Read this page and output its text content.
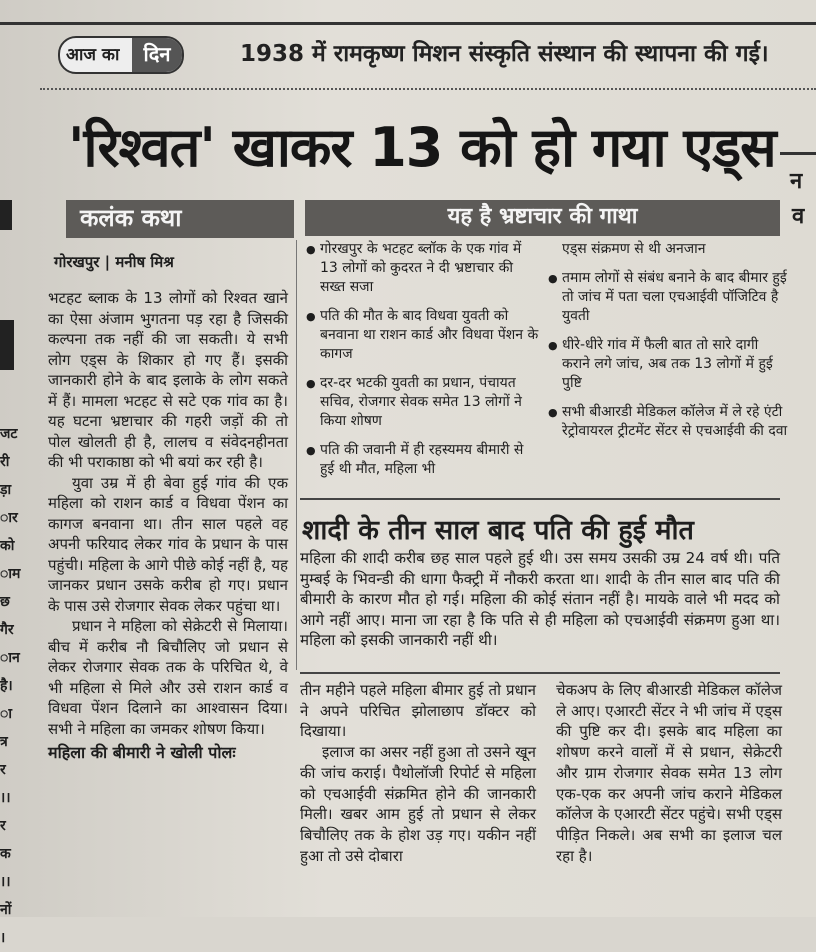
आज का	दिन	1938 में रामकृष्ण मिशन संस्कृति संस्थान की स्थापना की गई।
'रिश्वत' खाकर 13 को हो गया एड्स
न
व
कलंक कथा	यह है भ्रष्टाचार की गाथा
गोरखपुर | मनीष मिश्र

भटहट ब्लाक के 13 लोगों को रिश्वत खाने का ऐसा अंजाम भुगतना पड़ रहा है जिसकी कल्पना तक नहीं की जा सकती। ये सभी लोग एड्स के शिकार हो गए हैं। इसकी जानकारी होने के बाद इलाके के लोग सकते में हैं। मामला भटहट से सटे एक गांव का है। यह घटना भ्रष्टाचार की गहरी जड़ों की तो पोल खोलती ही है, लालच व संवेदनहीनता की भी पराकाष्ठा को भी बयां कर रही है।

युवा उम्र में ही बेवा हुई गांव की एक महिला को राशन कार्ड व विधवा पेंशन का कागज बनवाना था। तीन साल पहले वह अपनी फरियाद लेकर गांव के प्रधान के पास पहुंची। महिला के आगे पीछे कोई नहीं है, यह जानकर प्रधान उसके करीब हो गए। प्रधान के पास उसे रोजगार सेवक लेकर पहुंचा था।

प्रधान ने महिला को सेक्रेटरी से मिलाया। बीच में करीब नौ बिचौलिए जो प्रधान से लेकर रोजगार सेवक तक के परिचित थे, वे भी महिला से मिले और उसे राशन कार्ड व विधवा पेंशन दिलाने का आश्वासन दिया। सभी ने महिला का जमकर शोषण किया।

महिला की बीमारी ने खोली पोलः

जट
री
ड़ा
ार
को
ाम
छ
गैर
ान
है।
ा
त्र
र
।।
र
क
।।
नों
।
● गोरखपुर के भटहट ब्लॉक के एक गांव में 13 लोगों को कुदरत ने दी भ्रष्टाचार की सख्त सजा
● पति की मौत के बाद विधवा युवती को बनवाना था राशन कार्ड और विधवा पेंशन के कागज
● दर-दर भटकी युवती का प्रधान, पंचायत सचिव, रोजगार सेवक समेत 13 लोगों ने किया शोषण
● पति की जवानी में ही रहस्यमय बीमारी से हुई थी मौत, महिला भी
एड्स संक्रमण से थी अनजान
● तमाम लोगों से संबंध बनाने के बाद बीमार हुई तो जांच में पता चला एचआईवी पॉजिटिव है युवती
● धीरे-धीरे गांव में फैली बात तो सारे दागी कराने लगे जांच, अब तक 13 लोगों में हुई पुष्टि
● सभी बीआरडी मेडिकल कॉलेज में ले रहे एंटी रेट्रोवायरल ट्रीटमेंट सेंटर से एचआईवी की दवा
शादी के तीन साल बाद पति की हुई मौत
महिला की शादी करीब छह साल पहले हुई थी। उस समय उसकी उम्र 24 वर्ष थी। पति मुम्बई के भिवन्डी की धागा फैक्ट्री में नौकरी करता था। शादी के तीन साल बाद पति की बीमारी के कारण मौत हो गई। महिला की कोई संतान नहीं है। मायके वाले भी मदद को आगे नहीं आए। माना जा रहा है कि पति से ही महिला को एचआईवी संक्रमण हुआ था। महिला को इसकी जानकारी नहीं थी।

तीन महीने पहले महिला बीमार हुई तो प्रधान ने अपने परिचित झोलाछाप डॉक्टर को दिखाया।

इलाज का असर नहीं हुआ तो उसने खून की जांच कराई। पैथोलॉजी रिपोर्ट से महिला को एचआईवी संक्रमित होने की जानकारी मिली। खबर आम हुई तो प्रधान से लेकर बिचौलिए तक के होश उड़ गए। यकीन नहीं हुआ तो उसे दोबारा

चेकअप के लिए बीआरडी मेडिकल कॉलेज ले आए। एआरटी सेंटर ने भी जांच में एड्स की पुष्टि कर दी। इसके बाद महिला का शोषण करने वालों में से प्रधान, सेक्रेटरी और ग्राम रोजगार सेवक समेत 13 लोग एक-एक कर अपनी जांच कराने मेडिकल कॉलेज के एआरटी सेंटर पहुंचे। सभी एड्स पीड़ित निकले। अब सभी का इलाज चल रहा है।
